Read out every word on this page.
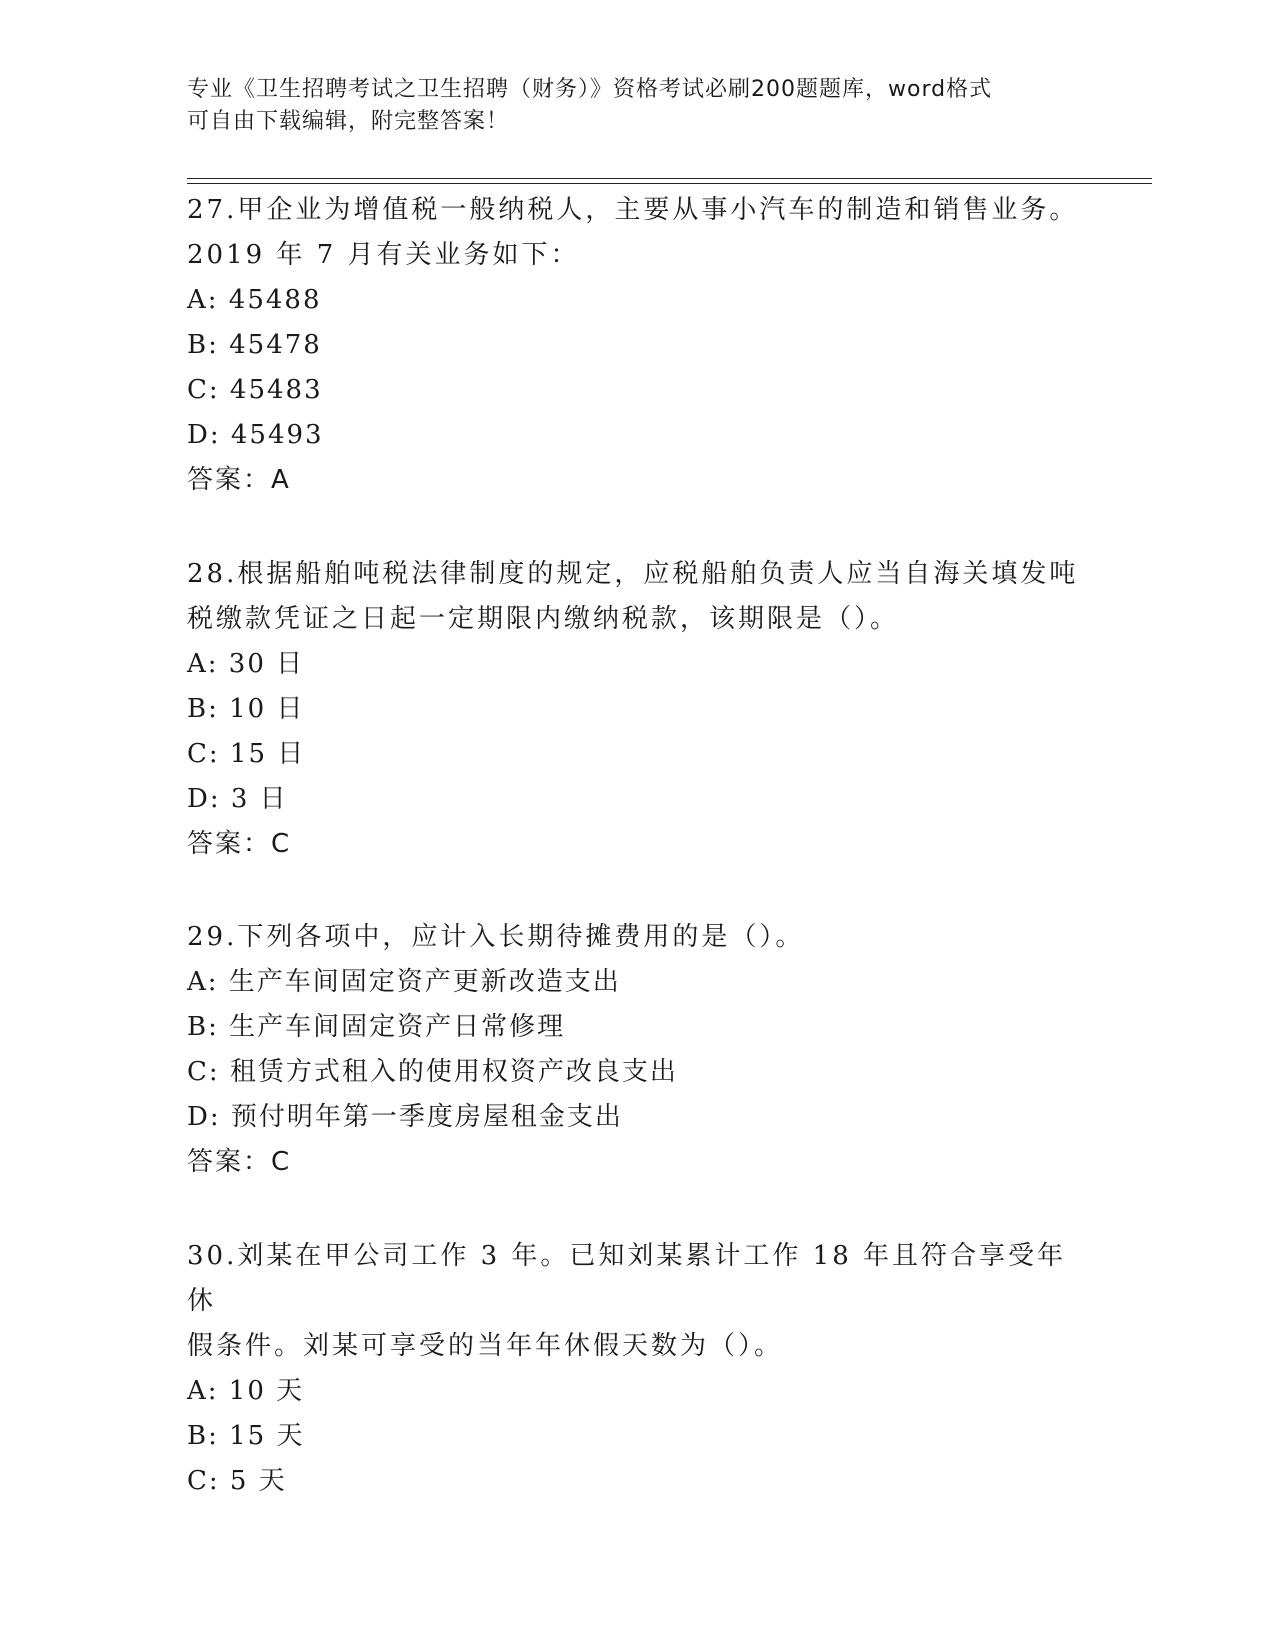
专业《卫生招聘考试之卫生招聘（财务）》资格考试必刷200题题库，word格式
可自由下载编辑，附完整答案！
27.甲企业为增值税一般纳税人，主要从事小汽车的制造和销售业务。
2019 年 7 月有关业务如下：
A: 45488
B: 45478
C: 45483
D: 45493
答案：A
28.根据船舶吨税法律制度的规定，应税船舶负责人应当自海关填发吨
税缴款凭证之日起一定期限内缴纳税款，该期限是（）。
A: 30 日
B: 10 日
C: 15 日
D: 3 日
答案：C
29.下列各项中，应计入长期待摊费用的是（）。
A: 生产车间固定资产更新改造支出
B: 生产车间固定资产日常修理
C: 租赁方式租入的使用权资产改良支出
D: 预付明年第一季度房屋租金支出
答案：C
30.刘某在甲公司工作 3 年。已知刘某累计工作 18 年且符合享受年休
假条件。刘某可享受的当年年休假天数为（）。
A: 10 天
B: 15 天
C: 5 天
